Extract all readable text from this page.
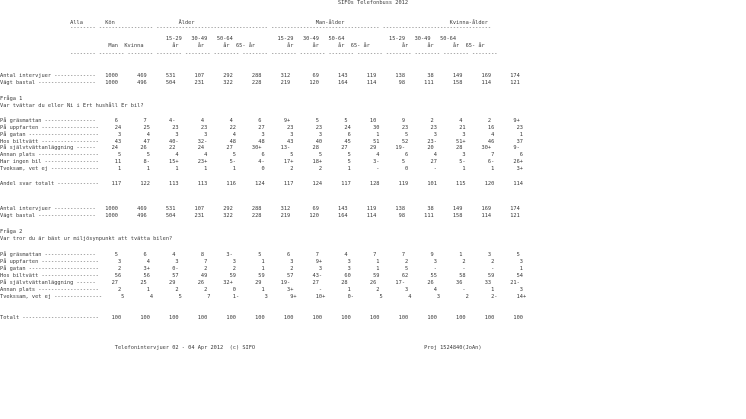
SIFOs Telefonbuss 2012
Alla       Kön                    Ålder                                      Man-ålder                                 Kvinna-ålder
-------- ----------------- ----------------------------------- ---------------------------------- ----------------------------------
15-29   30-49   50-64              15-29   30-49   50-64              15-29   30-49   50-64
Man  Kvinna         år      år      år  65- år          år      år      år  65- år          år      år      år  65- år
-------- -------- -------- -------- -------- -------- -------- -------- -------- -------- -------- -------- -------- -------- --------
Antal intervjuer -------------   1000      469      531      107      292      288      312       69      143      119      138       38      149      169      174
Vägt bastal ------------------   1000      496      504      231      322      228      219      120      164      114       98      111      158      114      121
Fråga 1
Var tvättar du eller Ni i Ert hushåll Er bil?
På gräsmattan ----------------      6        7       4-        4        4        6       9+        5        5       10        9        2        4        2       9+
På uppfarten ------------------     24       25       23       23       22       27       23       23       24       30       23       23       21       16       23
På gatan ----------------------      3        4        3        3        4        3        3        3        6        1        5        3        3        4        1
Hos biltvätt ------------------     43       47      40-      32-       48       48       43       40       45       51       52      23-      51+       46       37
På självtvättanläggning ------     24       26       22       24       27      30+      13-       28       27       29      19-       20       28      30+       9-
Annan plats -------------------      5        5        4        4        5        6        5        5        5        4        6        4        3        7        6
Har ingen bil -----------------     11       8-      15+      23+       5-       4-      17+      18+        5       3-       5        27       5-       6-      26+
Tveksam, vet ej ---------------      1        1        1        1        1        0        2        2        1        -        0        -        1        1       3+
Andel svar totalt -------------    117      122      113      113      116      124      117      124      117      128      119      101      115      120      114
Antal intervjuer -------------   1000      469      531      107      292      288      312       69      143      119      138       38      149      169      174
Vägt bastal ------------------   1000      496      504      231      322      228      219      120      164      114       98      111      158      114      121
Fråga 2
Var tror du är bäst ur miljösynpunkt att tvätta bilen?
På gräsmattan ----------------      5        6        4        8       3-        5        6        7        4        7        7        9        1        3        5
På uppfarten ------------------      3        4        3        7        3        1        3       9+        3        1        2        3        2        2        3
På gatan ----------------------      2       3+       0-        2        2        1        2        3        3        1        5        -        -        -        1
Hos biltvätt ------------------     56       56       57       49       59       59       57      43-       60       59       62       55       58       59       54
På självtvättanläggning ------     27       25       29       26      32+       29      19-       27       28       26      17-       26       36       33      21-
Annan plats -------------------      2        1        2        2        0        1       3+        -        1        2        3        4        -        1        3
Tvekssam, vet ej ---------------      5        4        5        7       1-        3       9+      10+       0-        5        4        3        2       2-      14+
Totalt ------------------------    100      100      100      100      100      100      100      100      100      100      100      100      100      100      100
Telefonintervjuer 02 - 04 Apr 2012  (c) SIFO                                                     Proj 1524840(JoAn)
